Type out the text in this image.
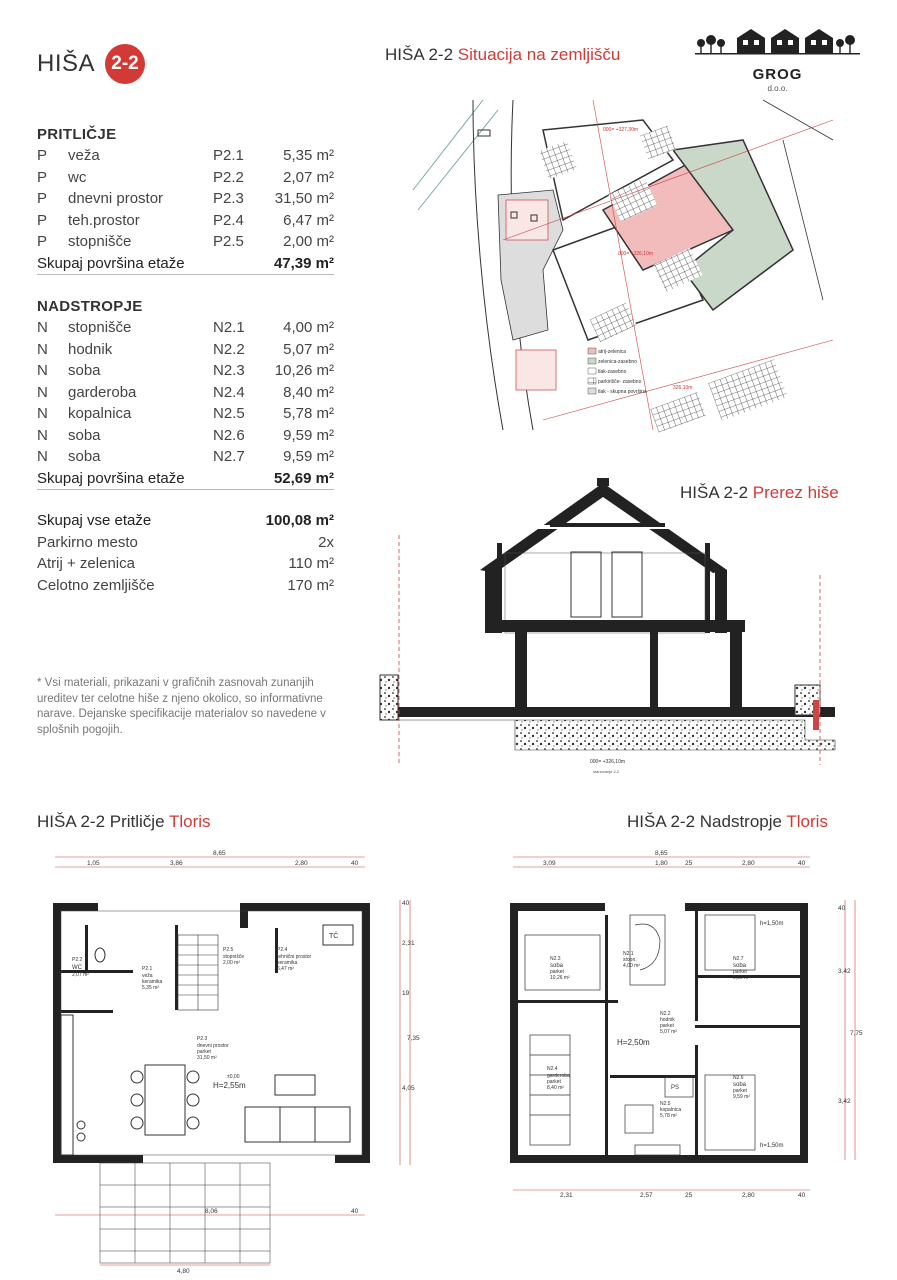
HIŠA 2-2	HIŠA 2-2 Situacija na zemljišču
GROG
d.o.o.
PRITLIČJE
P	veža	P2.1	5,35 m²
P	wc	P2.2	2,07 m²
P	dnevni prostor	P2.3	31,50 m²
P	teh.prostor	P2.4	6,47 m²
P	stopnišče	P2.5	2,00 m²
Skupaj površina etaže	47,39 m²
NADSTROPJE
N	stopnišče	N2.1	4,00 m²
N	hodnik	N2.2	5,07 m²
N	soba	N2.3	10,26 m²
N	garderoba	N2.4	8,40 m²
N	kopalnica	N2.5	5,78 m²
N	soba	N2.6	9,59 m²
N	soba	N2.7	9,59 m²
Skupaj površina etaže	52,69 m²
Skupaj vse etaže	100,08 m²
Parkirno mesto	2x
Atrij + zelenica	110 m²
Celotno zemljišče	170 m²
* Vsi materiali, prikazani v grafičnih zasnovah zunanjih ureditev ter celotne hiše z njeno okolico, so informativne narave. Dejanske specifikacije materialov so navedene v splošnih pogojih.
000= +327,30m
000= +326,10m
326,10m
atrij-zelenica
zelenica-zasebno
tlak-zasebno
parkirišče- zasebno
tlak - skupna površina
HIŠA 2-2 Prerez hiše
000= +326,10m
stanovanje 2-2
HIŠA 2-2 Pritličje Tloris
8,65
1,05	3,86	2,80	40
8,06	40
4,80
2,31
7,35
4,05
19
40
TČ
P2.1
veža
keramika
5,35 m²
P2.2
WC
2,07 m²
P2.3
dnevni prostor
parket
31,50 m²
P2.4
tehnični prostor
keramika
6,47 m²
P2.5
stopnišče
2,00 m²
H=2,55m
±0,00
HIŠA 2-2 Nadstropje Tloris
8,65
3,09	1,80	25	2,80	40
2,31	2,57	25	2,80	40
3,42
7,75
3,42
40
PS
N2.1
stopn.
4,00 m²
N2.2
hodnik
parket
5,07 m²
N2.3
soba
parket
10,26 m²
N2.4
garderoba
parket
8,40 m²
N2.5
kopalnica
5,78 m²
N2.6
soba
parket
9,59 m²
N2.7
soba
parket
9,59 m²
H=2,50m
h=1,50m
h=1,50m
